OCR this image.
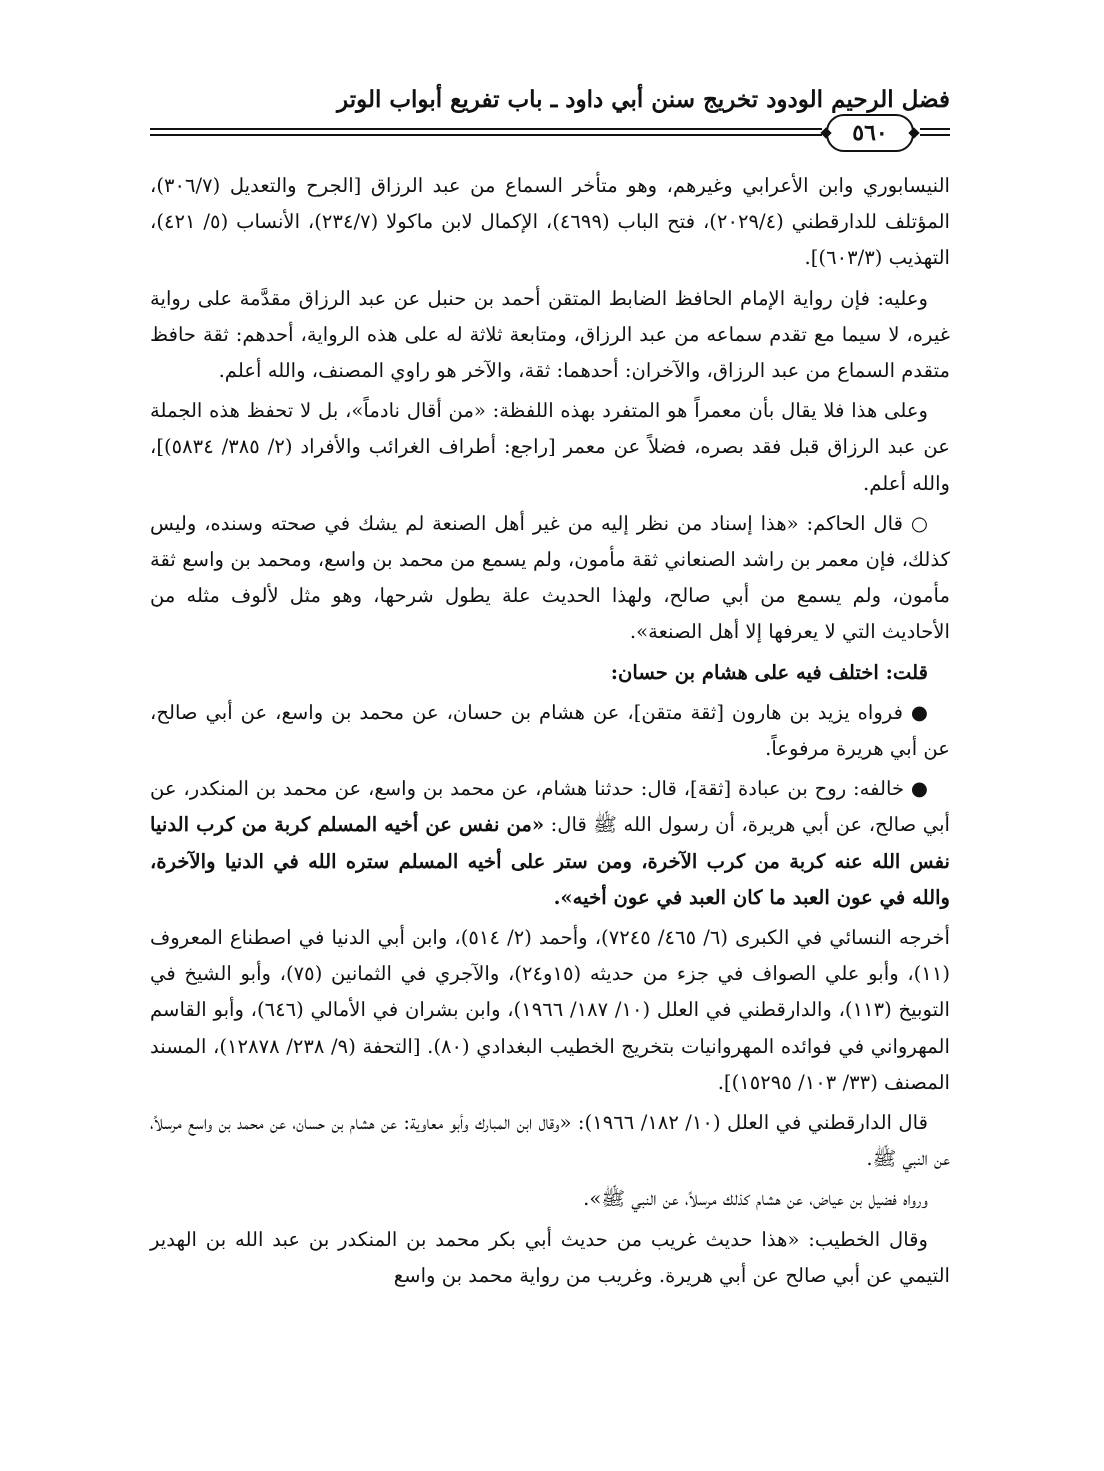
فضل الرحيم الودود تخريج سنن أبي داود ـ باب تفريع أبواب الوتر
٥٦٠

النيسابوري وابن الأعرابي وغيرهم، وهو متأخر السماع من عبد الرزاق [الجرح والتعديل (٣٠٦/٧)، المؤتلف للدارقطني (٢٠٢٩/٤)، فتح الباب (٤٦٩٩)، الإكمال لابن ماكولا (٢٣٤/٧)، الأنساب (٥/ ٤٢١)، التهذيب (٦٠٣/٣)].

وعليه: فإن رواية الإمام الحافظ الضابط المتقن أحمد بن حنبل عن عبد الرزاق مقدَّمة على رواية غيره، لا سيما مع تقدم سماعه من عبد الرزاق، ومتابعة ثلاثة له على هذه الرواية، أحدهم: ثقة حافظ متقدم السماع من عبد الرزاق، والآخران: أحدهما: ثقة، والآخر هو راوي المصنف، والله أعلم.

وعلى هذا فلا يقال بأن معمراً هو المتفرد بهذه اللفظة: «من أقال نادماً»، بل لا تحفظ هذه الجملة عن عبد الرزاق قبل فقد بصره، فضلاً عن معمر [راجع: أطراف الغرائب والأفراد (٢/ ٣٨٥/ ٥٨٣٤)]، والله أعلم.

○ قال الحاكم: «هذا إسناد من نظر إليه من غير أهل الصنعة لم يشك في صحته وسنده، وليس كذلك، فإن معمر بن راشد الصنعاني ثقة مأمون، ولم يسمع من محمد بن واسع، ومحمد بن واسع ثقة مأمون، ولم يسمع من أبي صالح، ولهذا الحديث علة يطول شرحها، وهو مثل لألوف مثله من الأحاديث التي لا يعرفها إلا أهل الصنعة».

قلت: اختلف فيه على هشام بن حسان:

● فرواه يزيد بن هارون [ثقة متقن]، عن هشام بن حسان، عن محمد بن واسع، عن أبي صالح، عن أبي هريرة مرفوعاً.

● خالفه: روح بن عبادة [ثقة]، قال: حدثنا هشام، عن محمد بن واسع، عن محمد بن المنكدر، عن أبي صالح، عن أبي هريرة، أن رسول الله ﷺ قال: «من نفس عن أخيه المسلم كربة من كرب الدنيا نفس الله عنه كربة من كرب الآخرة، ومن ستر على أخيه المسلم ستره الله في الدنيا والآخرة، والله في عون العبد ما كان العبد في عون أخيه».

أخرجه النسائي في الكبرى (٦/ ٤٦٥/ ٧٢٤٥)، وأحمد (٢/ ٥١٤)، وابن أبي الدنيا في اصطناع المعروف (١١)، وأبو علي الصواف في جزء من حديثه (١٥و٢٤)، والآجري في الثمانين (٧٥)، وأبو الشيخ في التوبيخ (١١٣)، والدارقطني في العلل (١٠/ ١٨٧/ ١٩٦٦)، وابن بشران في الأمالي (٦٤٦)، وأبو القاسم المهرواني في فوائده المهروانيات بتخريج الخطيب البغدادي (٨٠). [التحفة (٩/ ٢٣٨/ ١٢٨٧٨)، المسند المصنف (٣٣/ ١٠٣/ ١٥٢٩٥)].

قال الدارقطني في العلل (١٠/ ١٨٢/ ١٩٦٦): «وقال ابن المبارك وأبو معاوية: عن هشام بن حسان، عن محمد بن واسع مرسلاً، عن النبي ﷺ.

ورواه فضيل بن عياض، عن هشام كذلك مرسلاً، عن النبي ﷺ».

وقال الخطيب: «هذا حديث غريب من حديث أبي بكر محمد بن المنكدر بن عبد الله بن الهدير التيمي عن أبي صالح عن أبي هريرة. وغريب من رواية محمد بن واسع
